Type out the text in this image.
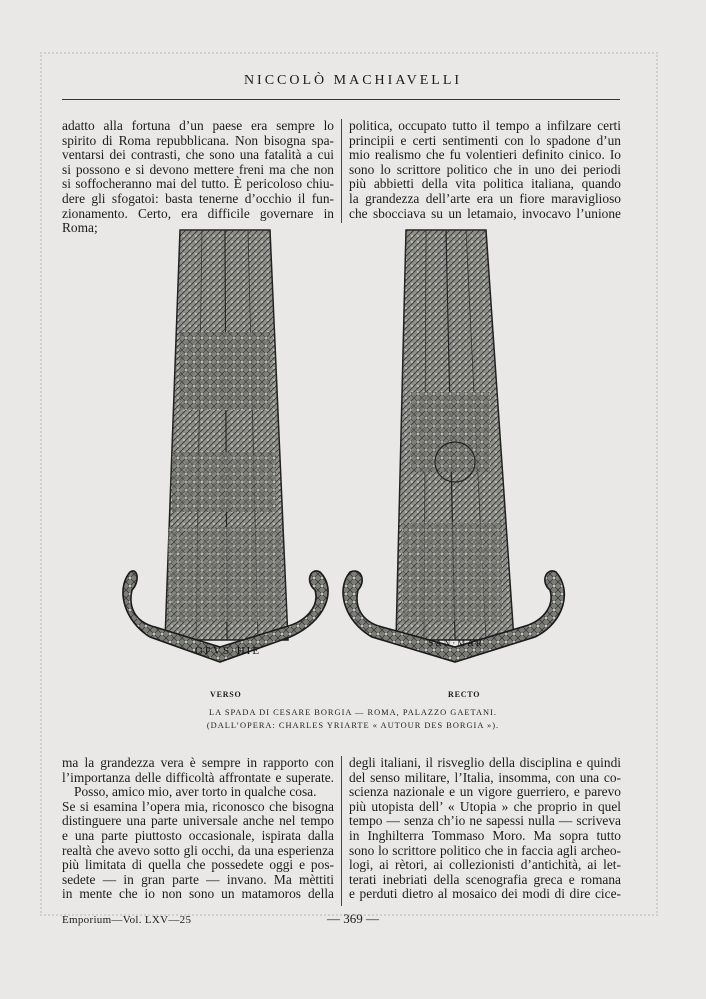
NICCOLÒ MACHIAVELLI

adatto alla fortuna d’un paese era sempre lo

spirito di Roma repubblicana. Non bisogna spa-

ventarsi dei contrasti, che sono una fatalità a cui

si possono e si devono mettere freni ma che non

si soffocheranno mai del tutto. È pericoloso chiu-

dere gli sfogatoi: basta tenerne d’occhio il fun-

zionamento. Certo, era difficile governare in Roma;

politica, occupato tutto il tempo a infilzare certi

principii e certi sentimenti con lo spadone d’un

mio realismo che fu volentieri definito cinico. Io

sono lo scrittore politico che in uno dei periodi

più abbietti della vita politica italiana, quando

la grandezza dell’arte era un fiore maraviglioso

che sbocciava su un letamaio, invocavo l’unione

OPVS·ΗΙΕ
SAN·MAR
VERSO	RECTO
LA SPADA DI CESARE BORGIA — ROMA, PALAZZO GAETANI.
(DALL’OPERA: CHARLES YRIARTE « AUTOUR DES BORGIA »).

ma la grandezza vera è sempre in rapporto con

l’importanza delle difficoltà affrontate e superate.

Posso, amico mio, aver torto in qualche cosa.

Se si esamina l’opera mia, riconosco che bisogna

distinguere una parte universale anche nel tempo

e una parte piuttosto occasionale, ispirata dalla

realtà che avevo sotto gli occhi, da una esperienza

più limitata di quella che possedete oggi e pos-

sedete — in gran parte — invano. Ma mèttiti

in mente che io non sono un matamoros della

degli italiani, il risveglio della disciplina e quindi

del senso militare, l’Italia, insomma, con una co-

scienza nazionale e un vigore guerriero, e parevo

più utopista dell’ « Utopia » che proprio in quel

tempo — senza ch’io ne sapessi nulla — scriveva

in Inghilterra Tommaso Moro. Ma sopra tutto

sono lo scrittore politico che in faccia agli archeo-

logi, ai rètori, ai collezionisti d’antichità, ai let-

terati inebriati della scenografia greca e romana

e perduti dietro al mosaico dei modi di dire cice-

Emporium—Vol. LXV—25	— 369 —
